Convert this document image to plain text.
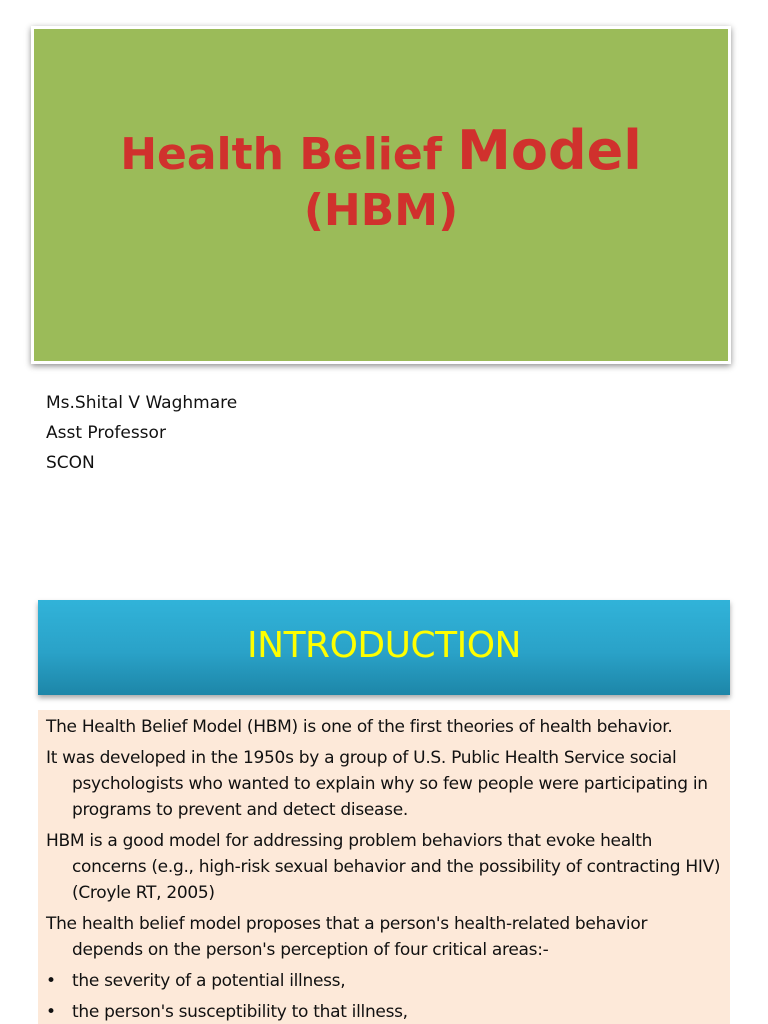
Health Belief Model
(HBM)
Ms.Shital V Waghmare
Asst Professor
SCON
INTRODUCTION
The Health Belief Model (HBM) is one of the first theories of health behavior.
It was developed in the 1950s by a group of U.S. Public Health Service social psychologists who wanted to explain why so few people were participating in programs to prevent and detect disease.
HBM is a good model for addressing problem behaviors that evoke health concerns (e.g., high-risk sexual behavior and the possibility of contracting HIV) (Croyle RT, 2005)
The health belief model proposes that a person's health-related behavior depends on the person's perception of four critical areas:-
• the severity of a potential illness,
• the person's susceptibility to that illness,
